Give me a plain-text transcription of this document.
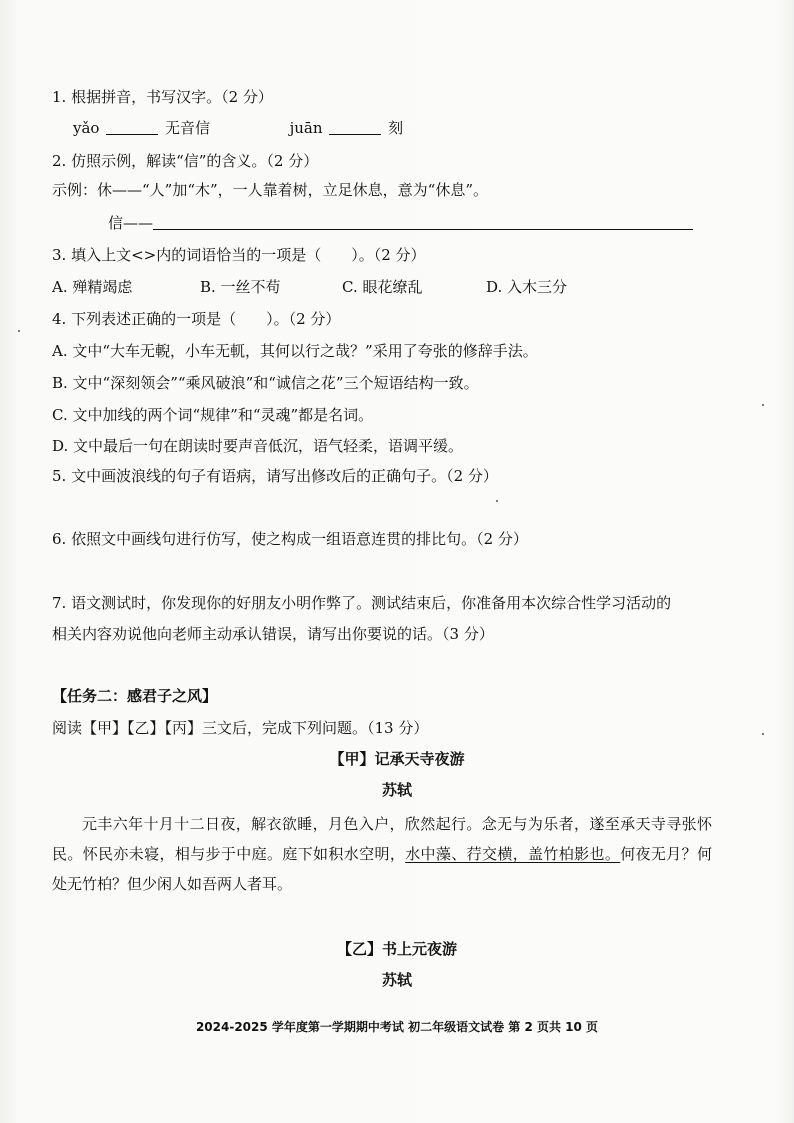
1. 根据拼音，书写汉字。（2 分）
yǎo	无音信	juān	刻
2. 仿照示例，解读“信”的含义。（2 分）
示例：休——“人”加“木”，一人靠着树，立足休息，意为“休息”。
信——
3. 填入上文<>内的词语恰当的一项是（　　）。（2 分）
A. 殚精竭虑	B. 一丝不苟	C. 眼花缭乱	D. 入木三分
4. 下列表述正确的一项是（　　）。（2 分）
A. 文中“大车无輗，小车无軏，其何以行之哉？”采用了夸张的修辞手法。
B. 文中“深刻领会”“乘风破浪”和“诚信之花”三个短语结构一致。
C. 文中加线的两个词“规律”和“灵魂”都是名词。
D. 文中最后一句在朗读时要声音低沉，语气轻柔，语调平缓。
5. 文中画波浪线的句子有语病，请写出修改后的正确句子。（2 分）
6. 依照文中画线句进行仿写，使之构成一组语意连贯的排比句。（2 分）
7. 语文测试时，你发现你的好朋友小明作弊了。测试结束后，你准备用本次综合性学习活动的
相关内容劝说他向老师主动承认错误，请写出你要说的话。（3 分）
【任务二：感君子之风】
阅读【甲】【乙】【丙】三文后，完成下列问题。（13 分）
【甲】记承天寺夜游
苏轼
元丰六年十月十二日夜，解衣欲睡，月色入户，欣然起行。念无与为乐者，遂至承天寺寻张怀民。怀民亦未寝，相与步于中庭。庭下如积水空明，水中藻、荇交横，盖竹柏影也。何夜无月？何处无竹柏？但少闲人如吾两人者耳。
【乙】书上元夜游
苏轼
2024-2025 学年度第一学期期中考试 初二年级语文试卷 第 2 页共 10 页
